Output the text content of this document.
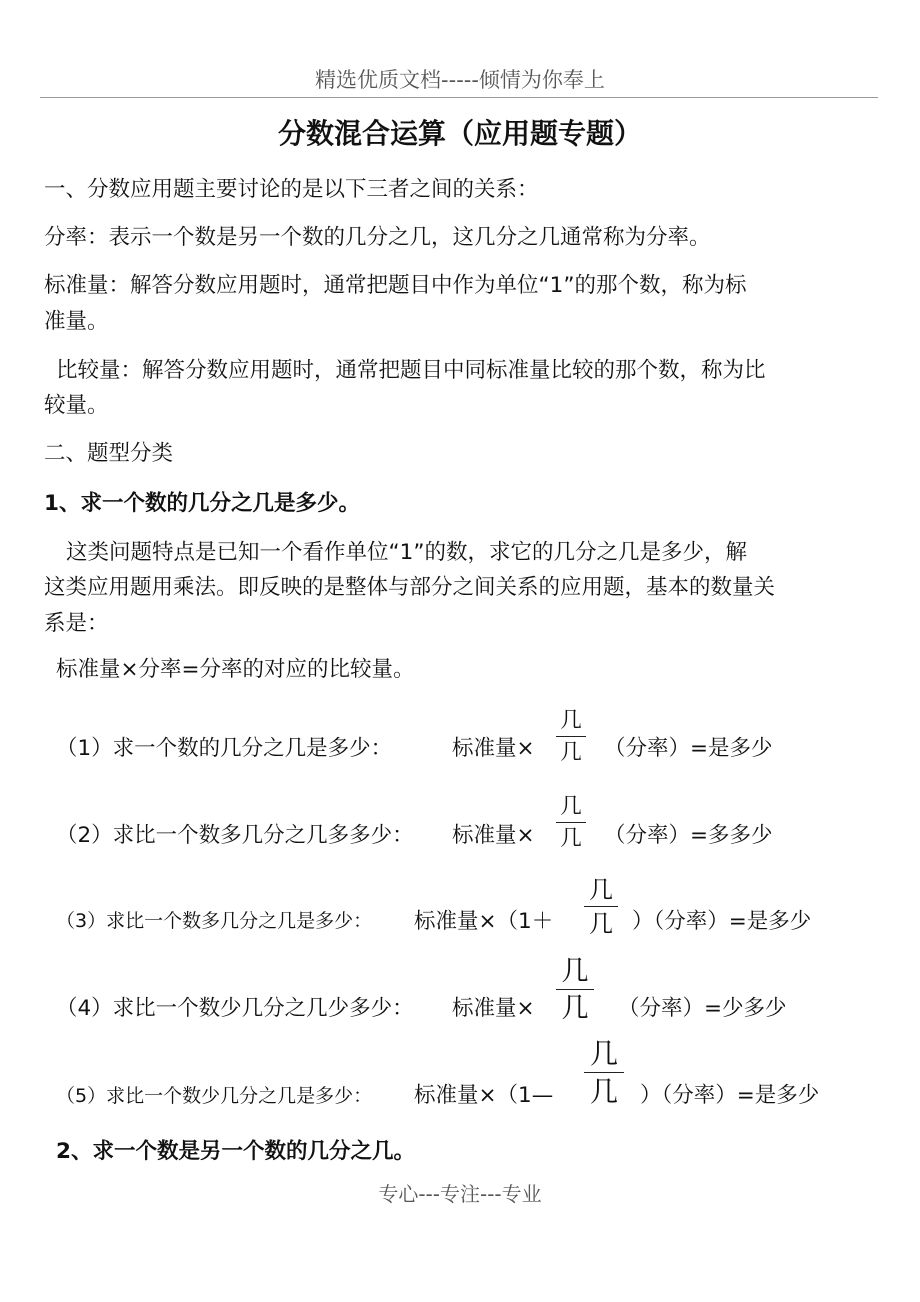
精选优质文档-----倾情为你奉上
分数混合运算（应用题专题）
一、分数应用题主要讨论的是以下三者之间的关系：
分率：表示一个数是另一个数的几分之几，这几分之几通常称为分率。
标准量：解答分数应用题时，通常把题目中作为单位“1”的那个数，称为标
准量。
比较量：解答分数应用题时，通常把题目中同标准量比较的那个数，称为比
较量。
二、题型分类
1、求一个数的几分之几是多少。
这类问题特点是已知一个看作单位“1”的数，求它的几分之几是多少，解
这类应用题用乘法。即反映的是整体与部分之间关系的应用题，基本的数量关
系是：
标准量×分率=分率的对应的比较量。
（1）求一个数的几分之几是多少：	标准量×
几
几 （分率）=是多少
（2）求比一个数多几分之几多多少： 标准量×
几
几 （分率）=多多少
（3）求比一个数多几分之几是多少： 标准量×（1＋
几
几 ）（分率）=是多少
（4）求比一个数少几分之几少多少： 标准量×
几
几 （分率）=少多少
（5）求比一个数少几分之几是多少： 标准量×（1—
几
几 ）（分率）=是多少
2、求一个数是另一个数的几分之几。
专心---专注---专业
